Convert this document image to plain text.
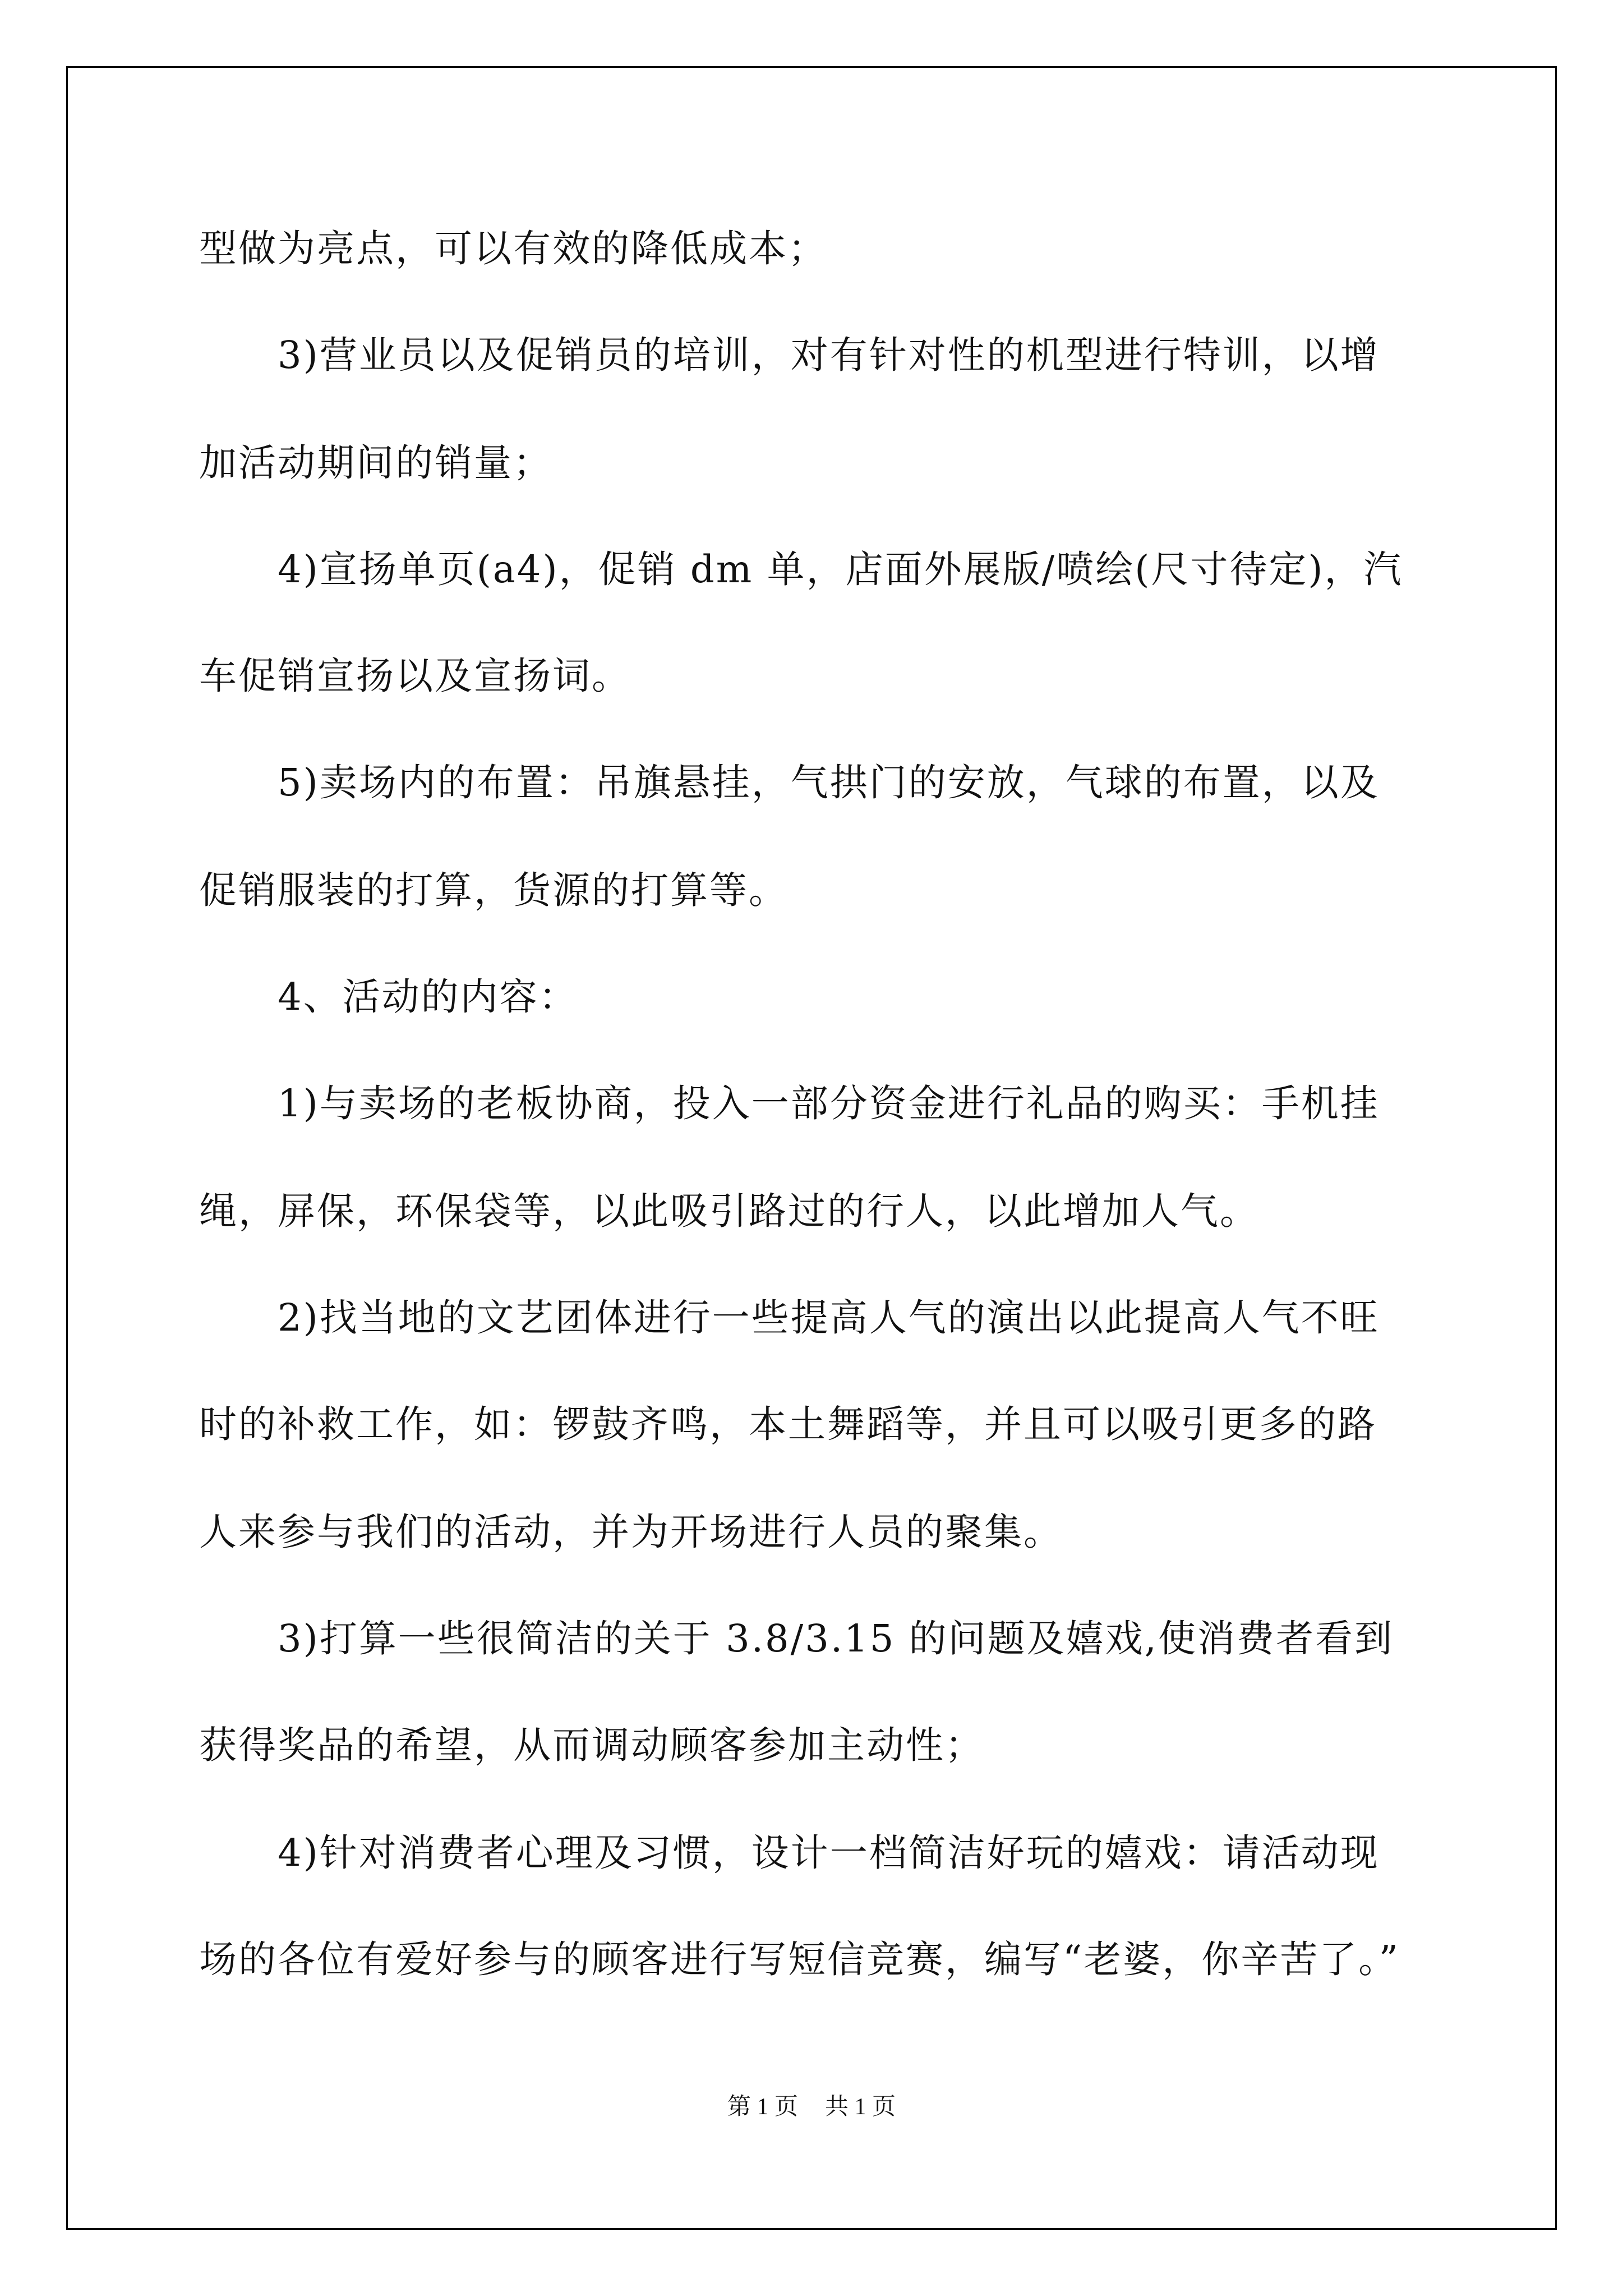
型做为亮点，可以有效的降低成本；
3)营业员以及促销员的培训，对有针对性的机型进行特训，以增
加活动期间的销量；
4)宣扬单页(a4)，促销 dm 单，店面外展版/喷绘(尺寸待定)，汽
车促销宣扬以及宣扬词。
5)卖场内的布置：吊旗悬挂，气拱门的安放，气球的布置，以及
促销服装的打算，货源的打算等。
4、活动的内容：
1)与卖场的老板协商，投入一部分资金进行礼品的购买：手机挂
绳，屏保，环保袋等，以此吸引路过的行人，以此增加人气。
2)找当地的文艺团体进行一些提高人气的演出以此提高人气不旺
时的补救工作，如：锣鼓齐鸣，本土舞蹈等，并且可以吸引更多的路
人来参与我们的活动，并为开场进行人员的聚集。
3)打算一些很简洁的关于 3.8/3.15 的问题及嬉戏,使消费者看到
获得奖品的希望，从而调动顾客参加主动性；
4)针对消费者心理及习惯，设计一档简洁好玩的嬉戏：请活动现
场的各位有爱好参与的顾客进行写短信竞赛，编写“老婆，你辛苦了。”
第 1 页 共 1 页
